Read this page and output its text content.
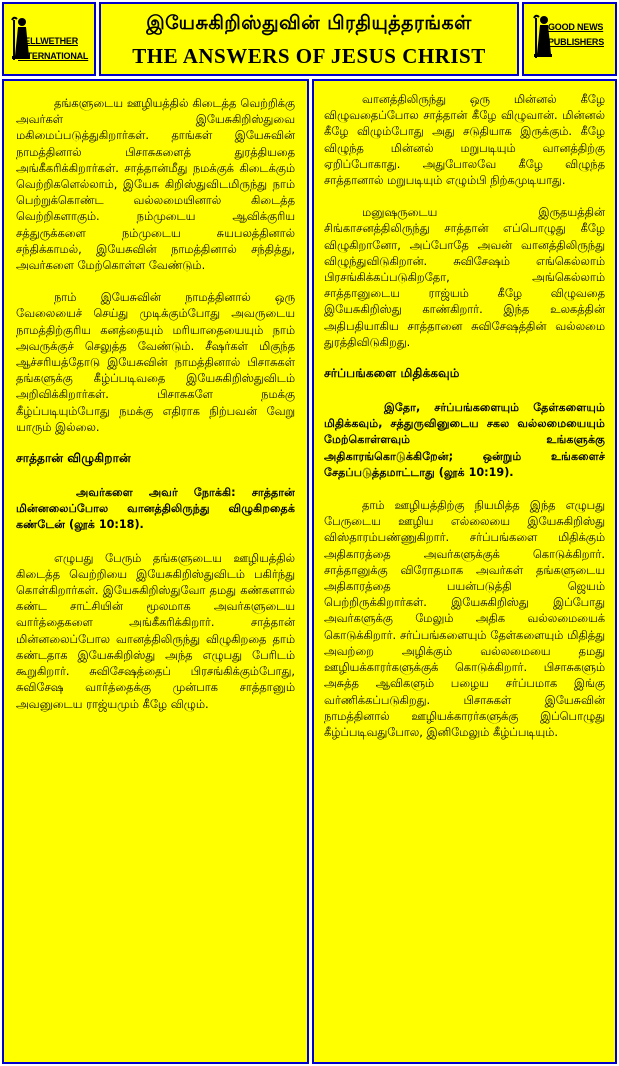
BELLWETHER
INTERNATIONAL
இயேசுகிறிஸ்துவின் பிரதியுத்தரங்கள்
THE ANSWERS OF JESUS CHRIST
GOOD NEWS
PUBLISHERS

தங்களுடைய ஊழியத்தில் கிடைத்த வெற்றிக்கு அவர்கள் இயேசுகிறிஸ்துவை மகிமைப்படுத்துகிறார்கள். தாங்கள் இயேசுவின் நாமத்தினால் பிசாசுகளைத் துரத்தியதை அங்கீகரிக்கிறார்கள். சாத்தான்மீது நமக்குக் கிடைக்கும் வெற்றிகளெல்லாம், இயேசு கிறிஸ்துவிடமிருந்து நாம் பெற்றுக்கொண்ட வல்லமையினால் கிடைத்த வெற்றிகளாகும். நம்முடைய ஆவிக்குரிய சத்துருக்களை நம்முடைய சுயபலத்தினால் சந்திக்காமல், இயேசுவின் நாமத்தினால் சந்தித்து, அவர்களை மேற்கொள்ள வேண்டும்.

நாம் இயேசுவின் நாமத்தினால் ஒரு வேலையைச் செய்து முடிக்கும்போது அவருடைய நாமத்திற்குரிய கனத்தையும் மரியாதையையும் நாம் அவருக்குச் செலுத்த வேண்டும். சீஷர்கள் மிகுந்த ஆச்சரியத்தோடு இயேசுவின் நாமத்தினால் பிசாசுகள் தங்களுக்கு கீழ்ப்படிவதை இயேசுகிறிஸ்துவிடம் அறிவிக்கிறார்கள். பிசாசுகளே நமக்கு கீழ்ப்படியும்போது நமக்கு எதிராக நிற்பவன் வேறு யாரும் இல்லை.

சாத்தான் விழுகிறான்

அவர்களை அவர் நோக்கி: சாத்தான் மின்னலைப்போல வானத்திலிருந்து விழுகிறதைக் கண்டேன் (லூக் 10:18).

எழுபது பேரும் தங்களுடைய ஊழியத்தில் கிடைத்த வெற்றியை இயேசுகிறிஸ்துவிடம் பகிர்ந்து கொள்கிறார்கள். இயேசுகிறிஸ்துவோ தமது கண்களால் கண்ட சாட்சியின் மூலமாக அவர்களுடைய வார்த்தைகளை அங்கீகரிக்கிறார். சாத்தான் மின்னலைப்போல வானத்திலிருந்து விழுகிறதை தாம் கண்டதாக இயேசுகிறிஸ்து அந்த எழுபது பேரிடம் கூறுகிறார். சுவிசேஷத்தைப் பிரசங்கிக்கும்போது, சுவிசேஷ வார்த்தைக்கு முன்பாக சாத்தானும் அவனுடைய ராஜ்யமும் கீழே விழும்.

வானத்திலிருந்து ஒரு மின்னல் கீழே விழுவதைப்போல சாத்தான் கீழே விழுவான். மின்னல் கீழே விழும்போது அது சடுதியாக இருக்கும். கீழே விழுந்த மின்னல் மறுபடியும் வானத்திற்கு ஏறிப்போகாது. அதுபோலவே கீழே விழுந்த சாத்தானால் மறுபடியும் எழும்பி நிற்கமுடியாது.

மனுஷருடைய இருதயத்தின் சிங்காசனத்திலிருந்து சாத்தான் எப்பொழுது கீழே விழுகிறானோ, அப்போதே அவன் வானத்திலிருந்து விழுந்துவிடுகிறான். சுவிசேஷம் எங்கெல்லாம் பிரசங்கிக்கப்படுகிறதோ, அங்கெல்லாம் சாத்தானுடைய ராஜ்யம் கீழே விழுவதை இயேசுகிறிஸ்து காண்கிறார். இந்த உலகத்தின் அதிபதியாகிய சாத்தானை சுவிசேஷத்தின் வல்லமை துரத்திவிடுகிறது.

சர்ப்பங்களை மிதிக்கவும்

இதோ, சர்ப்பங்களையும் தேள்களையும் மிதிக்கவும், சத்துருவினுடைய சகல வல்லமையையும் மேற்கொள்ளவும் உங்களுக்கு அதிகாரங்கொடுக்கிறேன்; ஒன்றும் உங்களைச் சேதப்படுத்தமாட்டாது (லூக் 10:19).

தாம் ஊழியத்திற்கு நியமித்த இந்த எழுபது பேருடைய ஊழிய எல்லையை இயேசுகிறிஸ்து விஸ்தாரம்பண்ணுகிறார். சர்ப்பங்களை மிதிக்கும் அதிகாரத்தை அவர்களுக்குக் கொடுக்கிறார். சாத்தானுக்கு விரோதமாக அவர்கள் தங்களுடைய அதிகாரத்தை பயன்படுத்தி ஜெயம் பெற்றிருக்கிறார்கள். இயேசுகிறிஸ்து இப்போது அவர்களுக்கு மேலும் அதிக வல்லமையைக் கொடுக்கிறார். சர்ப்பங்களையும் தேள்களையும் மிதித்து அவற்றை அழிக்கும் வல்லமையை தமது ஊழியக்காரர்களுக்குக் கொடுக்கிறார். பிசாசுகளும் அசுத்த ஆவிகளும் பழைய சர்ப்பமாக இங்கு வர்ணிக்கப்படுகிறது. பிசாசுகள் இயேசுவின் நாமத்தினால் ஊழியக்காரர்களுக்கு இப்பொழுது கீழ்ப்படிவதுபோல, இனிமேலும் கீழ்ப்படியும்.
